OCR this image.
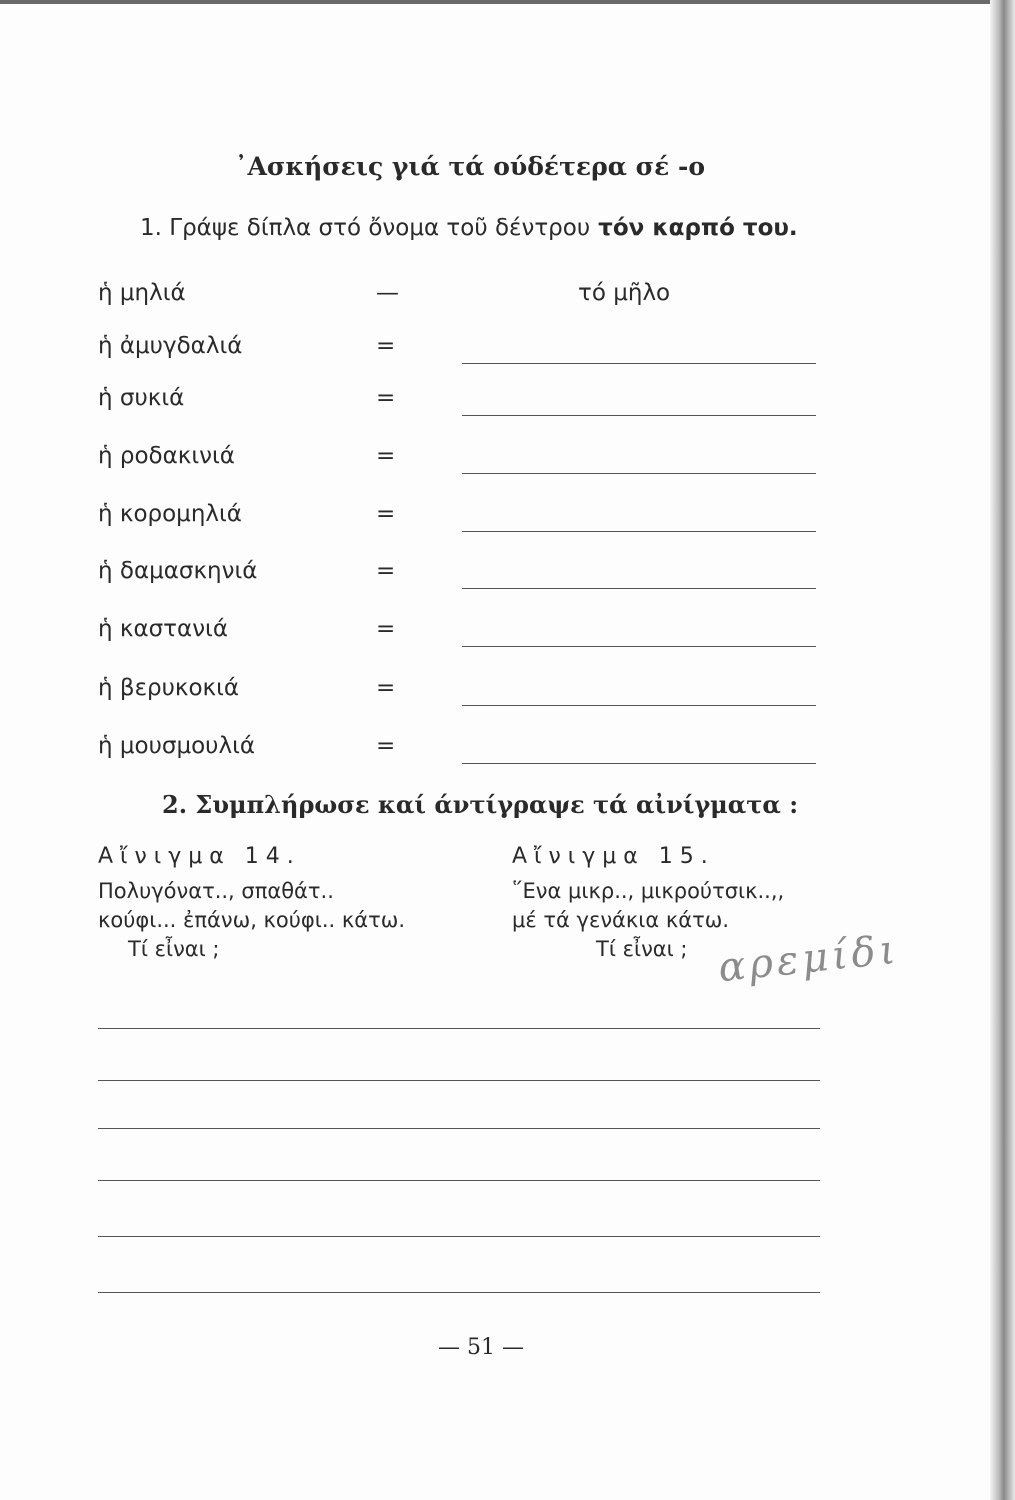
᾿Ασκήσεις γιά τά ούδέτερα σέ -ο
1. Γράψε δίπλα στό ὄνομα τοῦ δέντρου τόν καρπό του.
ἡ μηλιά	—	τό μῆλο
ἡ ἀμυγδαλιά	=
ἡ συκιά	=
ἡ ροδακινιά	=
ἡ κορομηλιά	=
ἡ δαμασκηνιά	=
ἡ καστανιά	=
ἡ βερυκοκιά	=
ἡ μουσμουλιά	=
2. Συμπλήρωσε καί άντίγραψε τά αἰνίγματα :
Αἴνιγμα 14.
Πολυγόνατ.., σπαθάτ..
κούφι... ἐπάνω, κούφι.. κάτω.
Τί εἶναι ;
Αἴνιγμα 15.
῞Ενα μικρ.., μικρούτσικ..,,
μέ τά γενάκια κάτω.
Τί εἶναι ; αρεμίδι
— 51 —
